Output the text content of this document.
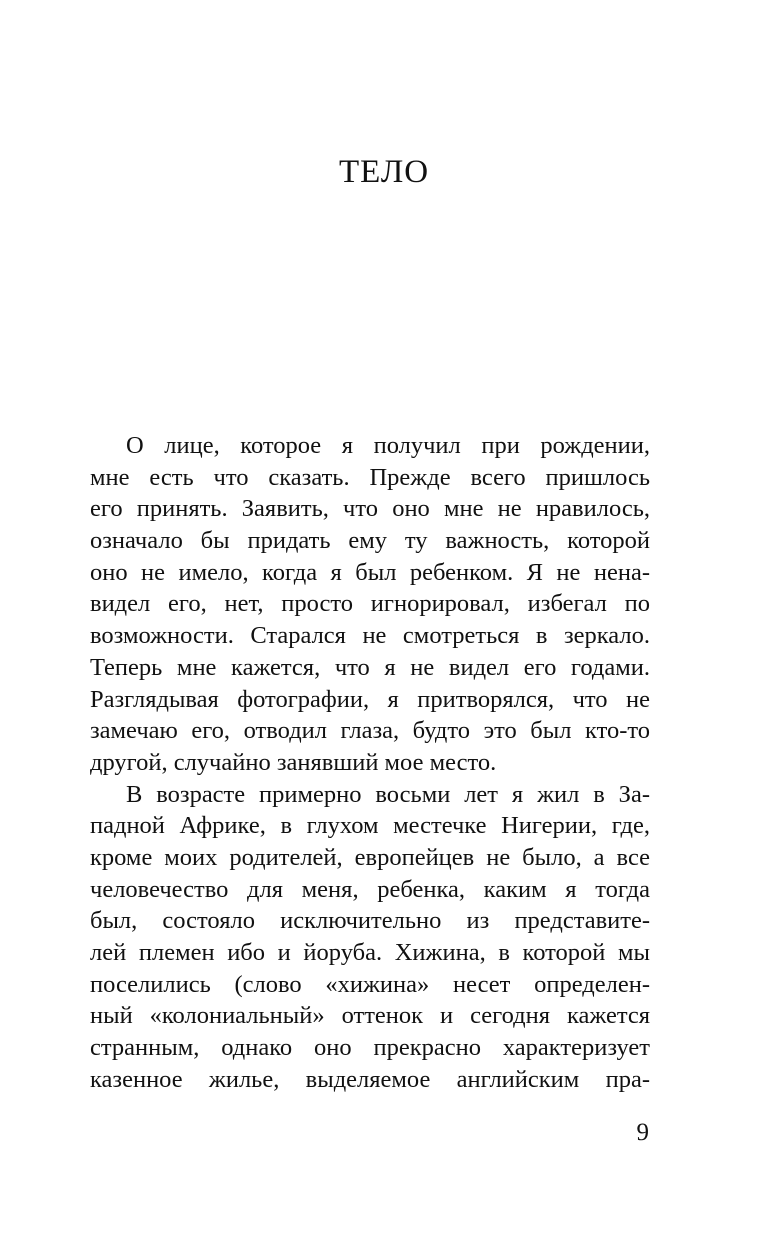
ТЕЛО

О лице, которое я получил при рождении,
мне есть что сказать. Прежде всего пришлось
его принять. Заявить, что оно мне не нравилось,
означало бы придать ему ту важность, которой
оно не имело, когда я был ребенком. Я не нена-
видел его, нет, просто игнорировал, избегал по
возможности. Старался не смотреться в зеркало.
Теперь мне кажется, что я не видел его годами.
Разглядывая фотографии, я притворялся, что не
замечаю его, отводил глаза, будто это был кто-то
другой, случайно занявший мое место.

В возрасте примерно восьми лет я жил в За-
падной Африке, в глухом местечке Нигерии, где,
кроме моих родителей, европейцев не было, а все
человечество для меня, ребенка, каким я тогда
был, состояло исключительно из представите-
лей племен ибо и йоруба. Хижина, в которой мы
поселились (слово «хижина» несет определен-
ный «колониальный» оттенок и сегодня кажется
странным, однако оно прекрасно характеризует
казенное жилье, выделяемое английским пра-

9
